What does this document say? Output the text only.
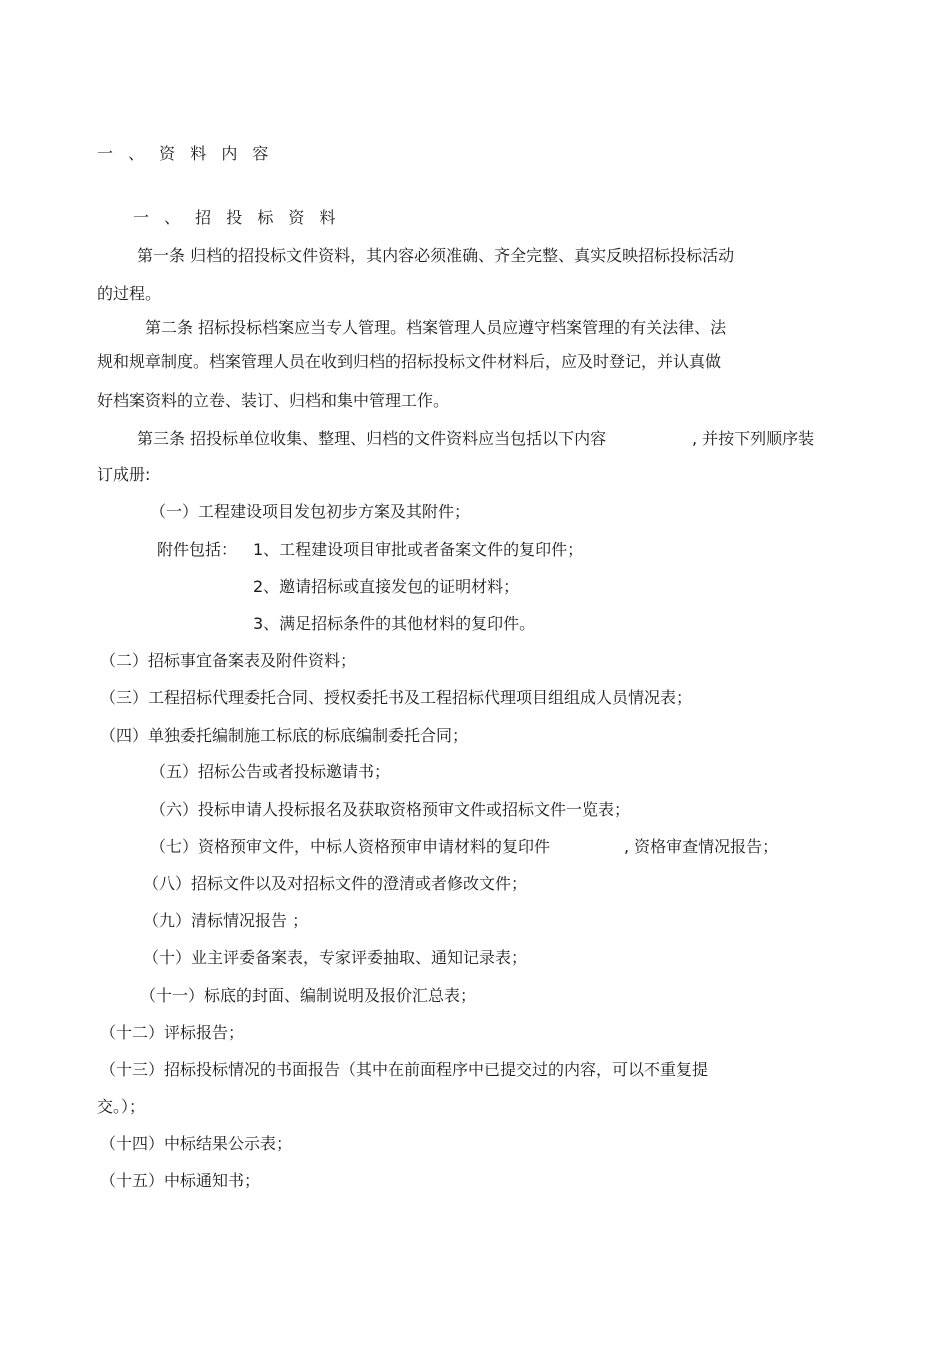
一 、 资 料 内 容
一 、 招 投 标 资 料
第一条 归档的招投标文件资料，其内容必须准确、齐全完整、真实反映招标投标活动
的过程。
第二条 招标投标档案应当专人管理。档案管理人员应遵守档案管理的有关法律、法
规和规章制度。档案管理人员在收到归档的招标投标文件材料后，应及时登记，并认真做
好档案资料的立卷、装订、归档和集中管理工作。
第三条 招投标单位收集、整理、归档的文件资料应当包括以下内容	, 并按下列顺序装
订成册:
（一）工程建设项目发包初步方案及其附件；
附件包括： 1、工程建设项目审批或者备案文件的复印件；
2、邀请招标或直接发包的证明材料；
3、满足招标条件的其他材料的复印件。
（二）招标事宜备案表及附件资料；
（三）工程招标代理委托合同、授权委托书及工程招标代理项目组组成人员情况表；
（四）单独委托编制施工标底的标底编制委托合同；
（五）招标公告或者投标邀请书；
（六）投标申请人投标报名及获取资格预审文件或招标文件一览表；
（七）资格预审文件，中标人资格预审申请材料的复印件	, 资格审查情况报告；
（八）招标文件以及对招标文件的澄清或者修改文件；
（九）清标情况报告 ；
（十）业主评委备案表，专家评委抽取、通知记录表；
（十一）标底的封面、编制说明及报价汇总表；
（十二）评标报告；
（十三）招标投标情况的书面报告（其中在前面程序中已提交过的内容，可以不重复提
交。）；
（十四）中标结果公示表；
（十五）中标通知书；
